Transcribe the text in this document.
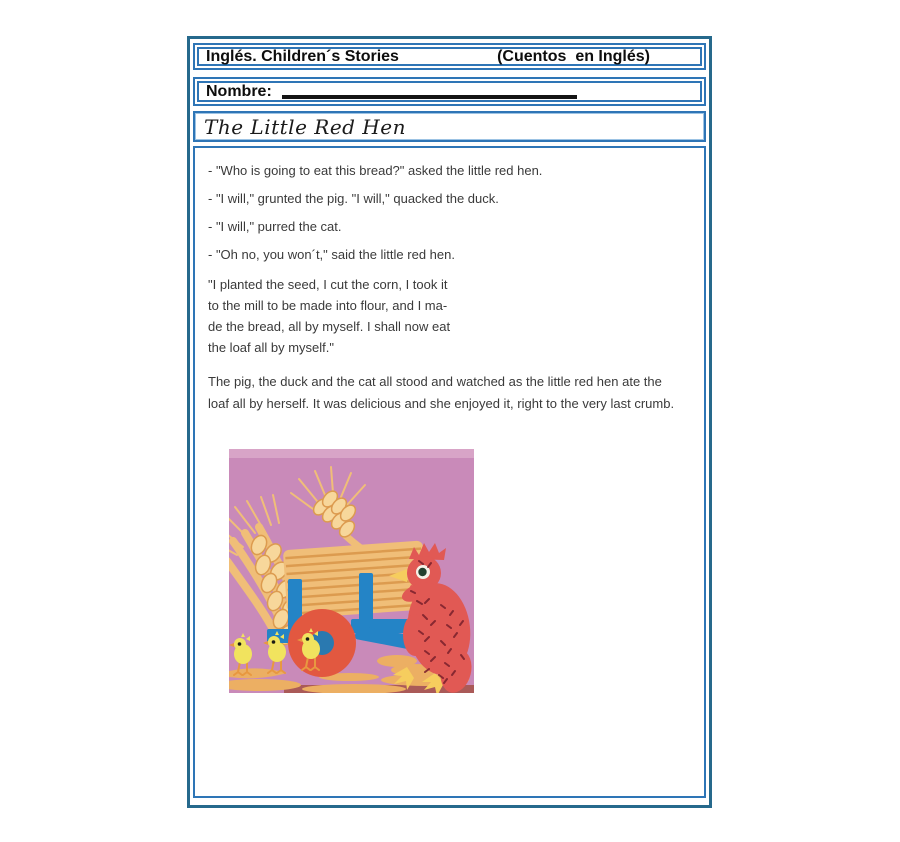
Inglés. Children´s Stories	(Cuentos  en Inglés)
Nombre:
The Little Red Hen

- "Who is going to eat this bread?" asked the little red hen.

- "I will," grunted the pig. "I will," quacked the duck.

- "I will," purred the cat.

- "Oh no, you won´t," said the little red hen.

"I planted the seed, I cut the corn, I took it

to the mill to be made into flour, and I ma-

de the bread, all by myself. I shall now eat

the loaf all by myself."

The pig, the duck and the cat all stood and watched as the little red hen ate the

loaf all by herself. It was delicious and she enjoyed it, right to the very last crumb.
